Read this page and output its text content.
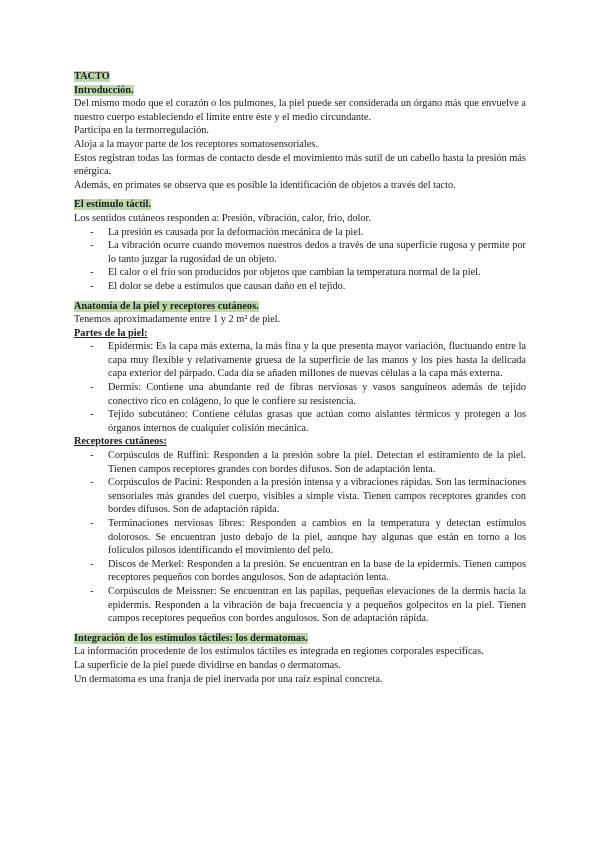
TACTO
Introducción.

Del mismo modo que el corazón o los pulmones, la piel puede ser considerada un órgano más que envuelve a nuestro cuerpo estableciendo el límite entre éste y el medio circundante.

Participa en la termorregulación.

Aloja a la mayor parte de los receptores somatosensoriales.

Estos registran todas las formas de contacto desde el movimiento más sutil de un cabello hasta la presión más enérgica.

Además, en primates se observa que es posible la identificación de objetos a través del tacto.

El estímulo táctil.

Los sentidos cutáneos responden a: Presión, vibración, calor, frío, dolor.

- La presión es causada por la deformación mecánica de la piel.
- La vibración ocurre cuando movemos nuestros dedos a través de una superficie rugosa y permite por lo tanto juzgar la rugosidad de un objeto.
- El calor o el frío son producidos por objetos que cambian la temperatura normal de la piel.
- El dolor se debe a estímulos que causan daño en el tejido.
Anatomía de la piel y receptores cutáneos.

Tenemos aproximadamente entre 1 y 2 m² de piel.

Partes de la piel:
- Epidermis: Es la capa más externa, la más fina y la que presenta mayor variación, fluctuando entre la capa muy flexible y relativamente gruesa de la superficie de las manos y los pies hasta la delicada capa exterior del párpado. Cada día se añaden millones de nuevas células a la capa más externa.
- Dermis: Contiene una abundante red de fibras nerviosas y vasos sanguíneos además de tejido conectivo rico en colágeno, lo que le confiere su resistencia.
- Tejido subcutáneo: Contiene células grasas que actúan como aislantes térmicos y protegen a los órganos internos de cualquier colisión mecánica.
Receptores cutáneos:
- Corpúsculos de Ruffini: Responden a la presión sobre la piel. Detectan el estiramiento de la piel. Tienen campos receptores grandes con bordes difusos. Son de adaptación lenta.
- Corpúsculos de Pacini: Responden a la presión intensa y a vibraciones rápidas. Son las terminaciones sensoriales más grandes del cuerpo, visibles a simple vista. Tienen campos receptores grandes con bordes difusos. Son de adaptación rápida.
- Terminaciones nerviosas libres: Responden a cambios en la temperatura y detectan estímulos dolorosos. Se encuentran justo debajo de la piel, aunque hay algunas que están en torno a los folículos pilosos identificando el movimiento del pelo.
- Discos de Merkel: Responden a la presión. Se encuentran en la base de la epidermis. Tienen campos receptores pequeños con bordes angulosos. Son de adaptación lenta.
- Corpúsculos de Meissner: Se encuentran en las papilas, pequeñas elevaciones de la dermis hacia la epidermis. Responden a la vibración de baja frecuencia y a pequeños golpecitos en la piel. Tienen campos receptores pequeños con bordes angulosos. Son de adaptación rápida.
Integración de los estímulos táctiles: los dermatomas.

La información procedente de los estímulos táctiles es integrada en regiones corporales específicas.

La superficie de la piel puede dividirse en bandas o dermatomas.

Un dermatoma es una franja de piel inervada por una raíz espinal concreta.
